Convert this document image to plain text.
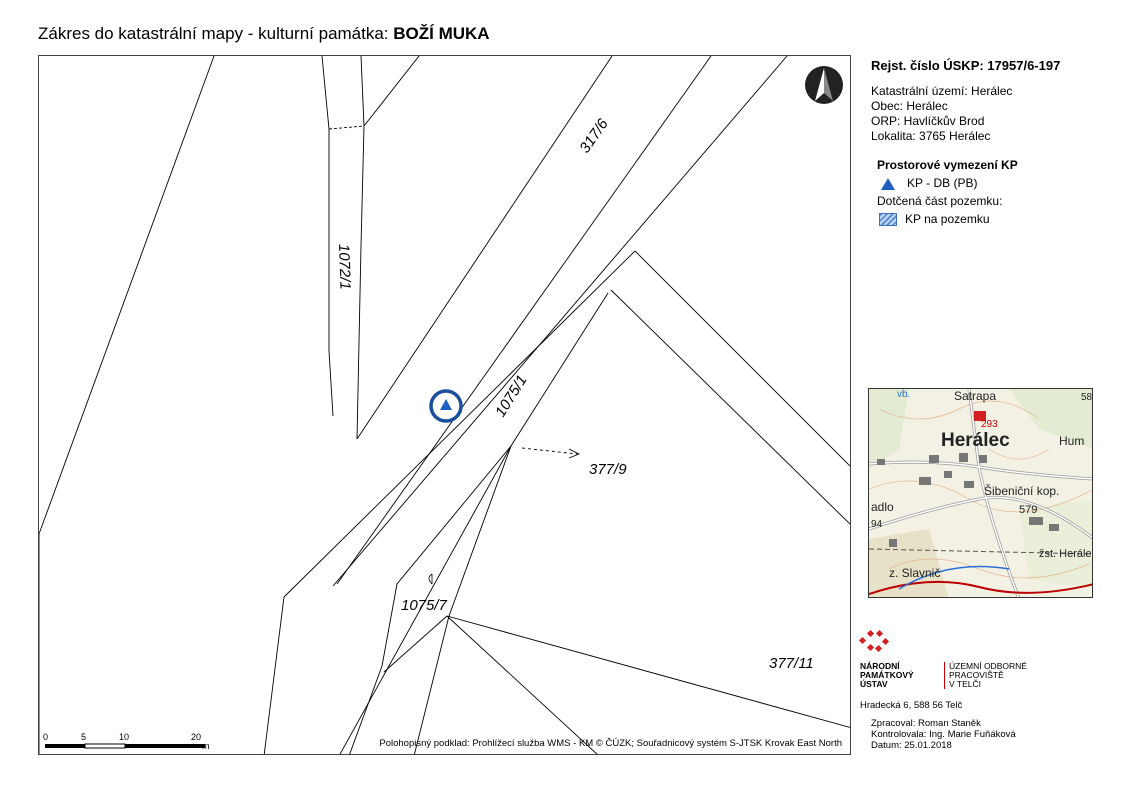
Zákres do katastrální mapy - kulturní památka: BOŽÍ MUKA
317/6
1072/1
1075/1
377/9
1075/7
377/11
0	5	10	20
m	Polohopisný podklad: Prohlížecí služba WMS - KM © ČÚZK; Souřadnicový systém S-JTSK Krovak East North
Rejst. číslo ÚSKP: 17957/6-197
Katastrální území: Herálec
Obec: Herálec
ORP: Havlíčkův Brod
Lokalita: 3765 Herálec
Prostorové vymezení KP
KP - DB (PB)
Dotčená část pozemku:
KP na pozemku
Satrapa
Herálec	Hum
Šibeniční kop.
adlo	579
žst. Herále
z. Slavnič
293
58
94
vb.
NÁRODNÍ
PAMÁTKOVÝ
ÚSTAV
ÚZEMNÍ ODBORNÉ
PRACOVIŠTĚ
V TELČI
Hradecká 6, 588 56 Telč
Zpracoval: Roman Staněk
Kontrolovala: Ing. Marie Fuňáková
Datum: 25.01.2018
